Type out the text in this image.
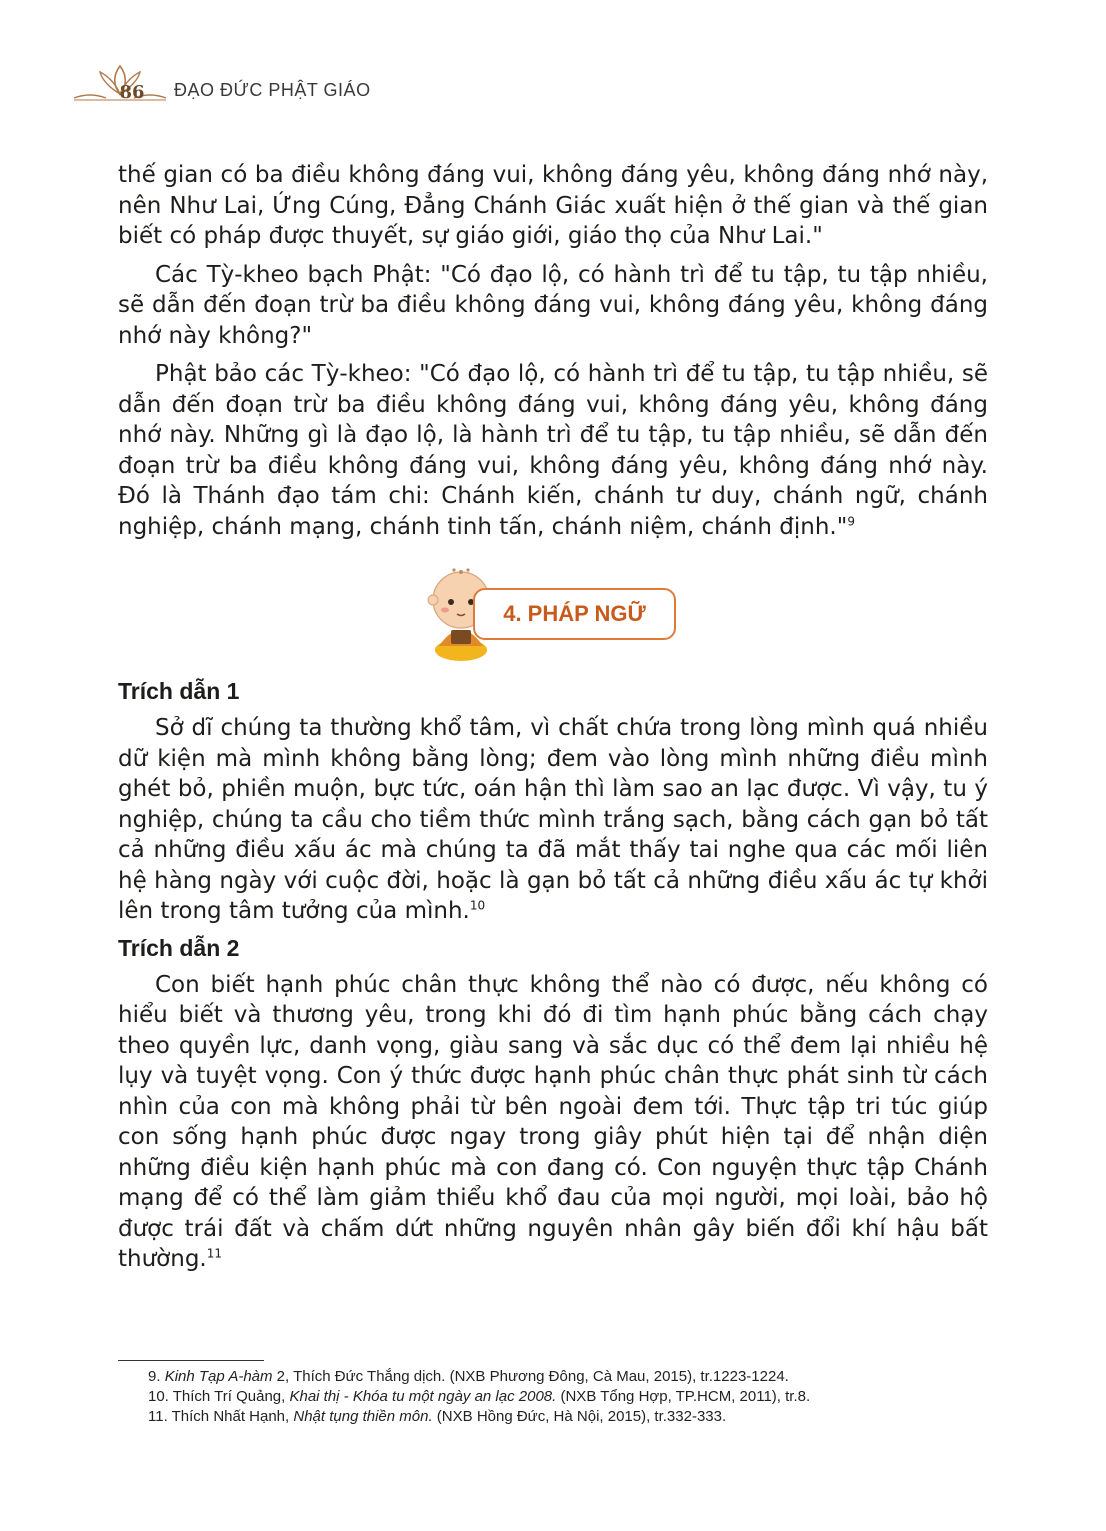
86	ĐẠO ĐỨC PHẬT GIÁO

thế gian có ba điều không đáng vui, không đáng yêu, không đáng nhớ này, nên Như Lai, Ứng Cúng, Đẳng Chánh Giác xuất hiện ở thế gian và thế gian biết có pháp được thuyết, sự giáo giới, giáo thọ của Như Lai."

Các Tỳ-kheo bạch Phật: "Có đạo lộ, có hành trì để tu tập, tu tập nhiều, sẽ dẫn đến đoạn trừ ba điều không đáng vui, không đáng yêu, không đáng nhớ này không?"

Phật bảo các Tỳ-kheo: "Có đạo lộ, có hành trì để tu tập, tu tập nhiều, sẽ dẫn đến đoạn trừ ba điều không đáng vui, không đáng yêu, không đáng nhớ này. Những gì là đạo lộ, là hành trì để tu tập, tu tập nhiều, sẽ dẫn đến đoạn trừ ba điều không đáng vui, không đáng yêu, không đáng nhớ này. Đó là Thánh đạo tám chi: Chánh kiến, chánh tư duy, chánh ngữ, chánh nghiệp, chánh mạng, chánh tinh tấn, chánh niệm, chánh định."$^9$

4. PHÁP NGỮ
Trích dẫn 1

Sở dĩ chúng ta thường khổ tâm, vì chất chứa trong lòng mình quá nhiều dữ kiện mà mình không bằng lòng; đem vào lòng mình những điều mình ghét bỏ, phiền muộn, bực tức, oán hận thì làm sao an lạc được. Vì vậy, tu ý nghiệp, chúng ta cầu cho tiềm thức mình trắng sạch, bằng cách gạn bỏ tất cả những điều xấu ác mà chúng ta đã mắt thấy tai nghe qua các mối liên hệ hàng ngày với cuộc đời, hoặc là gạn bỏ tất cả những điều xấu ác tự khởi lên trong tâm tưởng của mình.$^{10}$

Trích dẫn 2

Con biết hạnh phúc chân thực không thể nào có được, nếu không có hiểu biết và thương yêu, trong khi đó đi tìm hạnh phúc bằng cách chạy theo quyền lực, danh vọng, giàu sang và sắc dục có thể đem lại nhiều hệ lụy và tuyệt vọng. Con ý thức được hạnh phúc chân thực phát sinh từ cách nhìn của con mà không phải từ bên ngoài đem tới. Thực tập tri túc giúp con sống hạnh phúc được ngay trong giây phút hiện tại để nhận diện những điều kiện hạnh phúc mà con đang có. Con nguyện thực tập Chánh mạng để có thể làm giảm thiểu khổ đau của mọi người, mọi loài, bảo hộ được trái đất và chấm dứt những nguyên nhân gây biến đổi khí hậu bất thường.$^{11}$

9. Kinh Tạp A-hàm 2, Thích Đức Thắng dịch. (NXB Phương Đông, Cà Mau, 2015), tr.1223-1224.
10. Thích Trí Quảng, Khai thị - Khóa tu một ngày an lạc 2008. (NXB Tổng Hợp, TP.HCM, 2011), tr.8.
11. Thích Nhất Hạnh, Nhật tụng thiền môn. (NXB Hồng Đức, Hà Nội, 2015), tr.332-333.
